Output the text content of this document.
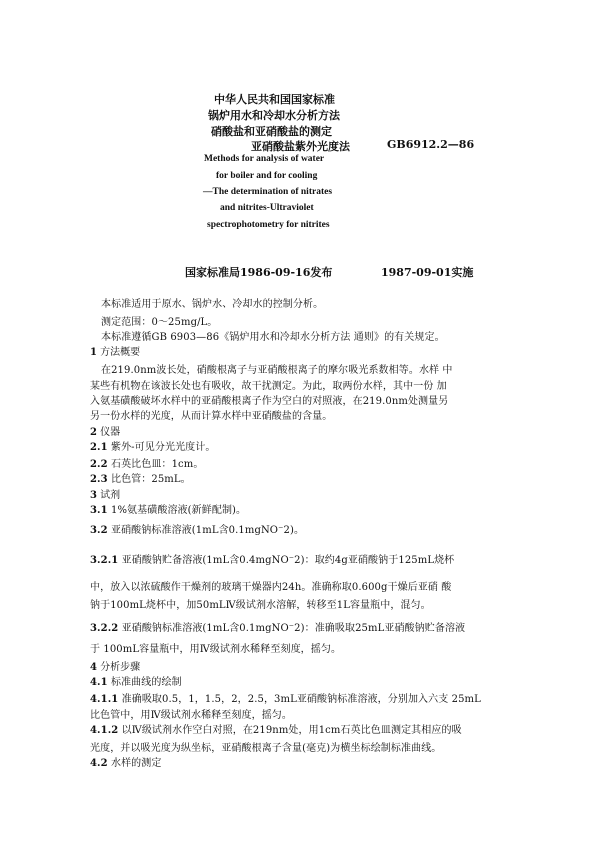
中华人民共和国国家标准
锅炉用水和冷却水分析方法
硝酸盐和亚硝酸盐的测定
亚硝酸盐紫外光度法	GB6912.2—86
Methods for analysis of water
for boiler and for cooling
—The determination of nitrates
and nitrites-Ultraviolet
spectrophotometry for nitrites
国家标准局1986-09-16发布	1987-09-01实施
本标准适用于原水、锅炉水、冷却水的控制分析。
测定范围：0～25mg/L。
本标准遵循GB 6903—86《锅炉用水和冷却水分析方法 通则》的有关规定。
1 方法概要
在219.0nm波长处，硝酸根离子与亚硝酸根离子的摩尔吸光系数相等。水样 中
某些有机物在该波长处也有吸收，故干扰测定。为此，取两份水样，其中一份 加
入氨基磺酸破坏水样中的亚硝酸根离子作为空白的对照液，在219.0nm处测量另
另一份水样的光度，从而计算水样中亚硝酸盐的含量。
2 仪器
2.1 紫外-可见分光光度计。
2.2 石英比色皿：1cm。
2.3 比色管：25mL。
3 试剂
3.1 1%氨基磺酸溶液(新鲜配制)。
3.2 亚硝酸钠标准溶液(1mL含0.1mgNO⁻2)。
3.2.1 亚硝酸钠贮备溶液(1mL含0.4mgNO⁻2)：取约4g亚硝酸钠于125mL烧杯
中，放入以浓硫酸作干燥剂的玻璃干燥器内24h。准确称取0.600g干燥后亚硝 酸
钠于100mL烧杯中，加50mLⅣ级试剂水溶解，转移至1L容量瓶中，混匀。
3.2.2 亚硝酸钠标准溶液(1mL含0.1mgNO⁻2)：准确吸取25mL亚硝酸钠贮备溶液
于 100mL容量瓶中，用Ⅳ级试剂水稀释至刻度，摇匀。
4 分析步骤
4.1 标准曲线的绘制
4.1.1 准确吸取0.5，1，1.5，2，2.5，3mL亚硝酸钠标准溶液，分别加入六支 25mL
比色管中，用Ⅳ级试剂水稀释至刻度，摇匀。
4.1.2 以Ⅳ级试剂水作空白对照，在219nm处，用1cm石英比色皿测定其相应的吸
光度，并以吸光度为纵坐标，亚硝酸根离子含量(毫克)为横坐标绘制标准曲线。
4.2 水样的测定
